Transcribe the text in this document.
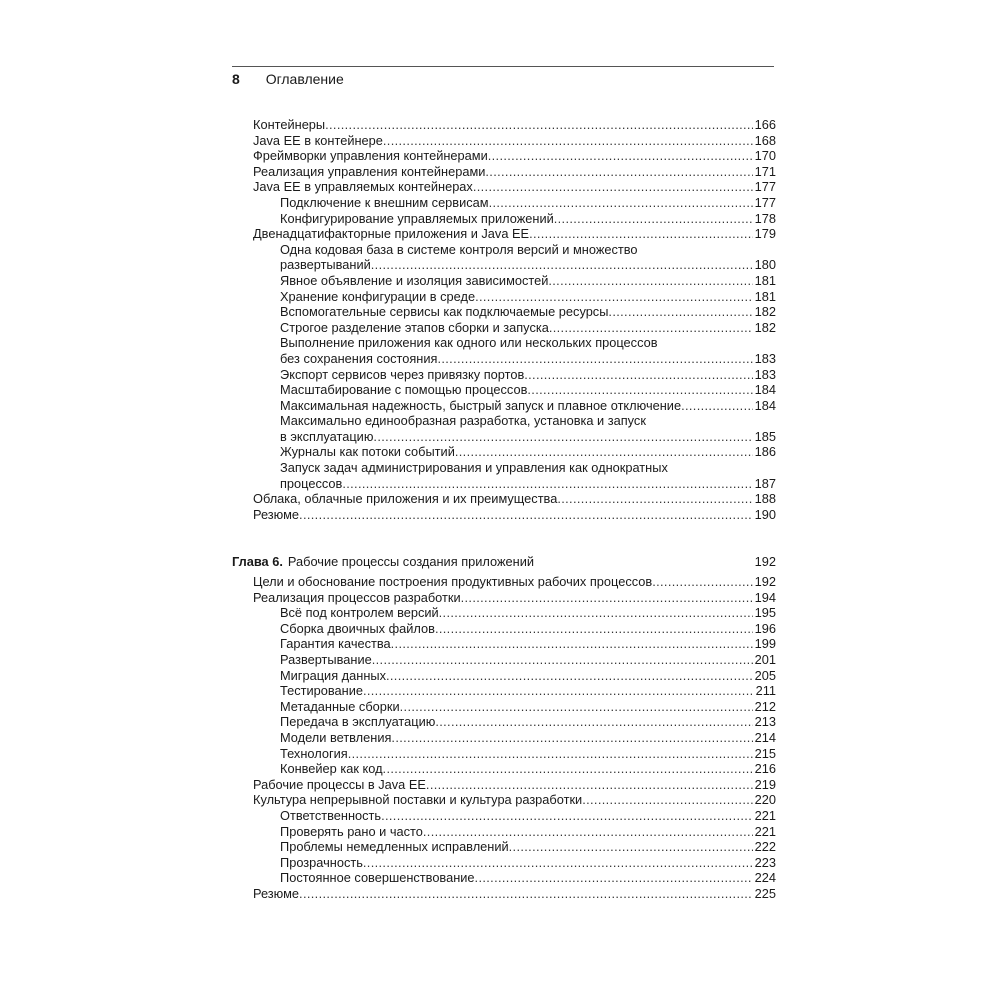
8 Оглавление
Контейнеры .....	166
Java EE в контейнере .....	168
Фреймворки управления контейнерами .....	170
Реализация управления контейнерами .....	171
Java EE в управляемых контейнерах .....	177
Подключение к внешним сервисам .....	177
Конфигурирование управляемых приложений .....	178
Двенадцатифакторные приложения и Java EE .....	179
Одна кодовая база в системе контроля версий и множество
развертываний .....	180
Явное объявление и изоляция зависимостей .....	181
Хранение конфигурации в среде .....	181
Вспомогательные сервисы как подключаемые ресурсы .....	182
Строгое разделение этапов сборки и запуска .....	182
Выполнение приложения как одного или нескольких процессов
без сохранения состояния .....	183
Экспорт сервисов через привязку портов .....	183
Масштабирование с помощью процессов .....	184
Максимальная надежность, быстрый запуск и плавное отключение .....	184
Максимально единообразная разработка, установка и запуск
в эксплуатацию .....	185
Журналы как потоки событий .....	186
Запуск задач администрирования и управления как однократных
процессов .....	187
Облака, облачные приложения и их преимущества .....	188
Резюме .....	190
Глава 6. Рабочие процессы создания приложений	192
Цели и обоснование построения продуктивных рабочих процессов .....	192
Реализация процессов разработки .....	194
Всё под контролем версий .....	195
Сборка двоичных файлов .....	196
Гарантия качества .....	199
Развертывание .....	201
Миграция данных .....	205
Тестирование .....	211
Метаданные сборки .....	212
Передача в эксплуатацию .....	213
Модели ветвления .....	214
Технология .....	215
Конвейер как код .....	216
Рабочие процессы в Java EE .....	219
Культура непрерывной поставки и культура разработки .....	220
Ответственность .....	221
Проверять рано и часто .....	221
Проблемы немедленных исправлений .....	222
Прозрачность .....	223
Постоянное совершенствование .....	224
Резюме .....	225
